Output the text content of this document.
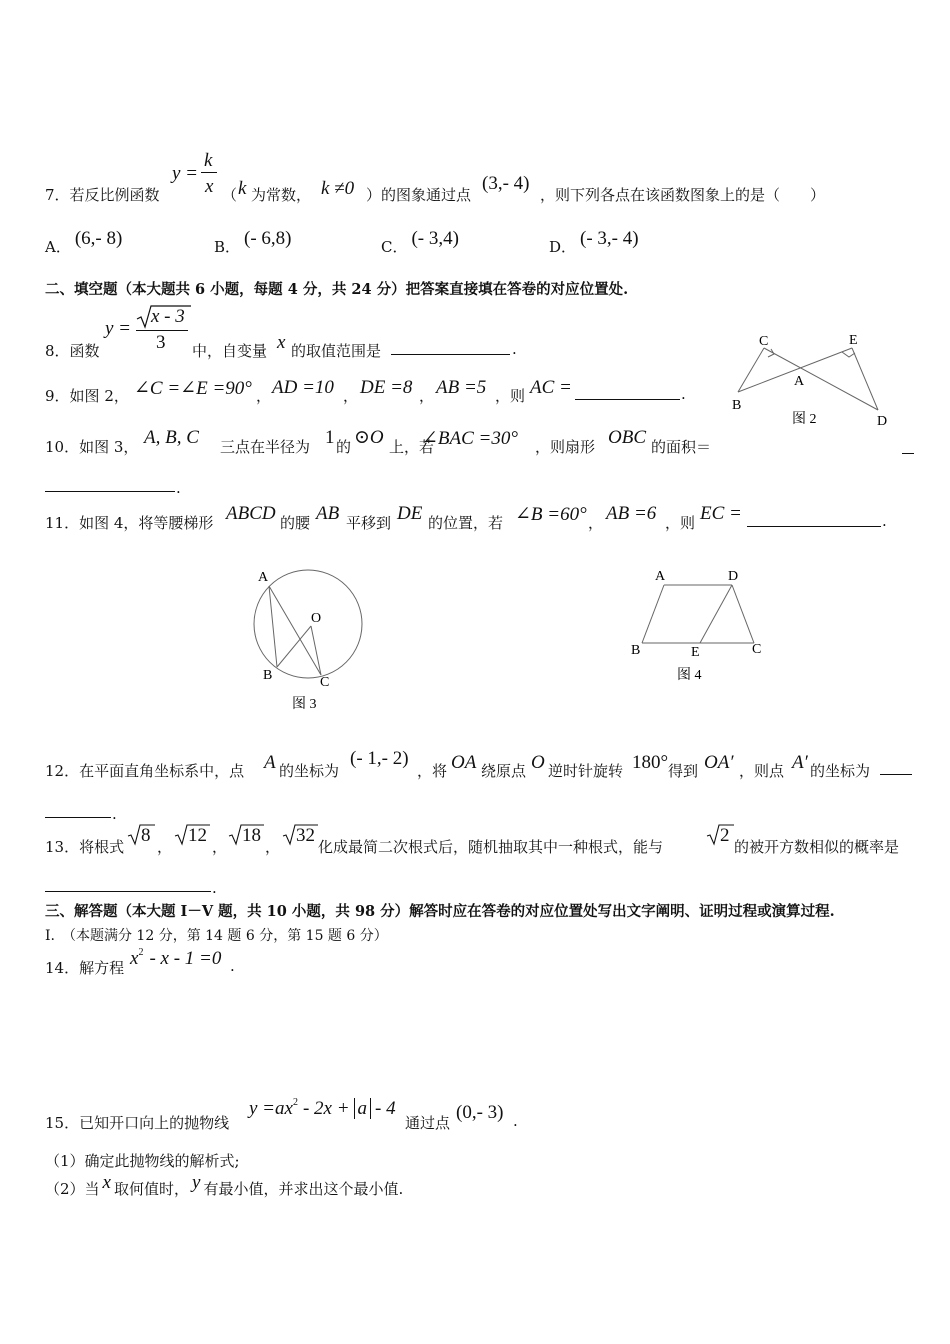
7．若反比例函数
y =
k
x （ k 为常数， k ≠0 ）的图象通过点
(3,- 4)
，则下列各点在该函数图象上的是（　　）
A． (6,- 8)	B． (- 6,8)	C． (- 3,4)	D． (- 3,- 4)
二、填空题（本大题共 6 小题，每题 4 分，共 24 分）把答案直接填在答卷的对应位置处.
8．函数
y =
x - 3
3 中，自变量 x 的取值范围是	.	C	E
A
B
D
图 2
9．如图 2， ∠C =∠E =90° ， AD =10 ， DE =8 ， AB =5 ，则 AC =	.
10．如图 3， A, B, C 三点在半径为 1 的 ⊙O 上，若
∠BAC =30° ，则扇形 OBC 的面积＝
.
11．如图 4，将等腰梯形 ABCD 的腰 AB 平移到 DE 的位置，若 ∠B =60° ， AB =6 ，则 EC =	.
A
O
B	C
图 3
A	D
B	E	C
图 4
12．在平面直角坐标系中，点 A 的坐标为
(- 1,- 2)
，将 OA 绕原点 O 逆时针旋转 180° 得到 OA′ ，则点 A′ 的坐标为
.
13．将根式
8
，
12
，
18
，
32
化成最简二次根式后，随机抽取其中一种根式，能与
2
的被开方数相似的概率是
.
三、解答题（本大题 I－V 题，共 10 小题，共 98 分）解答时应在答卷的对应位置处写出文字阐明、证明过程或演算过程.
I.　（本题满分 12 分，第 14 题 6 分，第 15 题 6 分）
14．解方程 $x^2 - x - 1 =0$ .
15．已知开口向上的抛物线
$y =ax^2 - 2x + a - 4$
通过点 (0,- 3) .
（1）确定此抛物线的解析式;
（2）当 x 取何值时， y 有最小值，并求出这个最小值.
